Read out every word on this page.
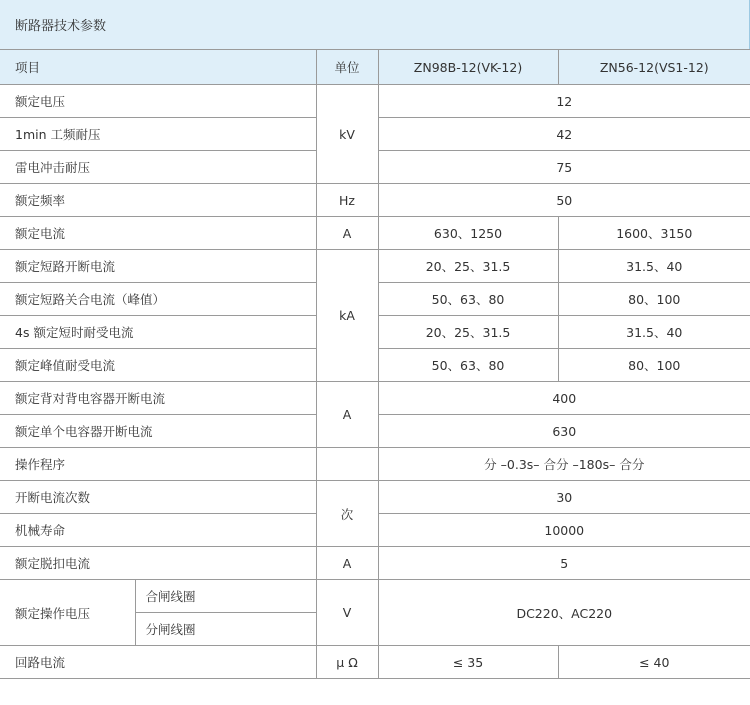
断路器技术参数
项目		单位	ZN98B-12(VK-12)	ZN56-12(VS1-12)
额定电压		kV	12	
1min 工频耐压			42	
雷电冲击耐压			75	
额定频率		Hz	50	
额定电流		A	630、1250	1600、3150
额定短路开断电流		kA	20、25、31.5	31.5、40
额定短路关合电流（峰值）			50、63、80	80、100
4s 额定短时耐受电流			20、25、31.5	31.5、40
额定峰值耐受电流			50、63、80	80、100
额定背对背电容器开断电流		A	400	
额定单个电容器开断电流			630	
操作程序			分 –0.3s– 合分 –180s– 合分	
开断电流次数		次	30	
机械寿命			10000	
额定脱扣电流		A	5	
额定操作电压	合闸线圈	V	DC220、AC220	
	分闸线圈			
回路电流		μ Ω	≤ 35	≤ 40
